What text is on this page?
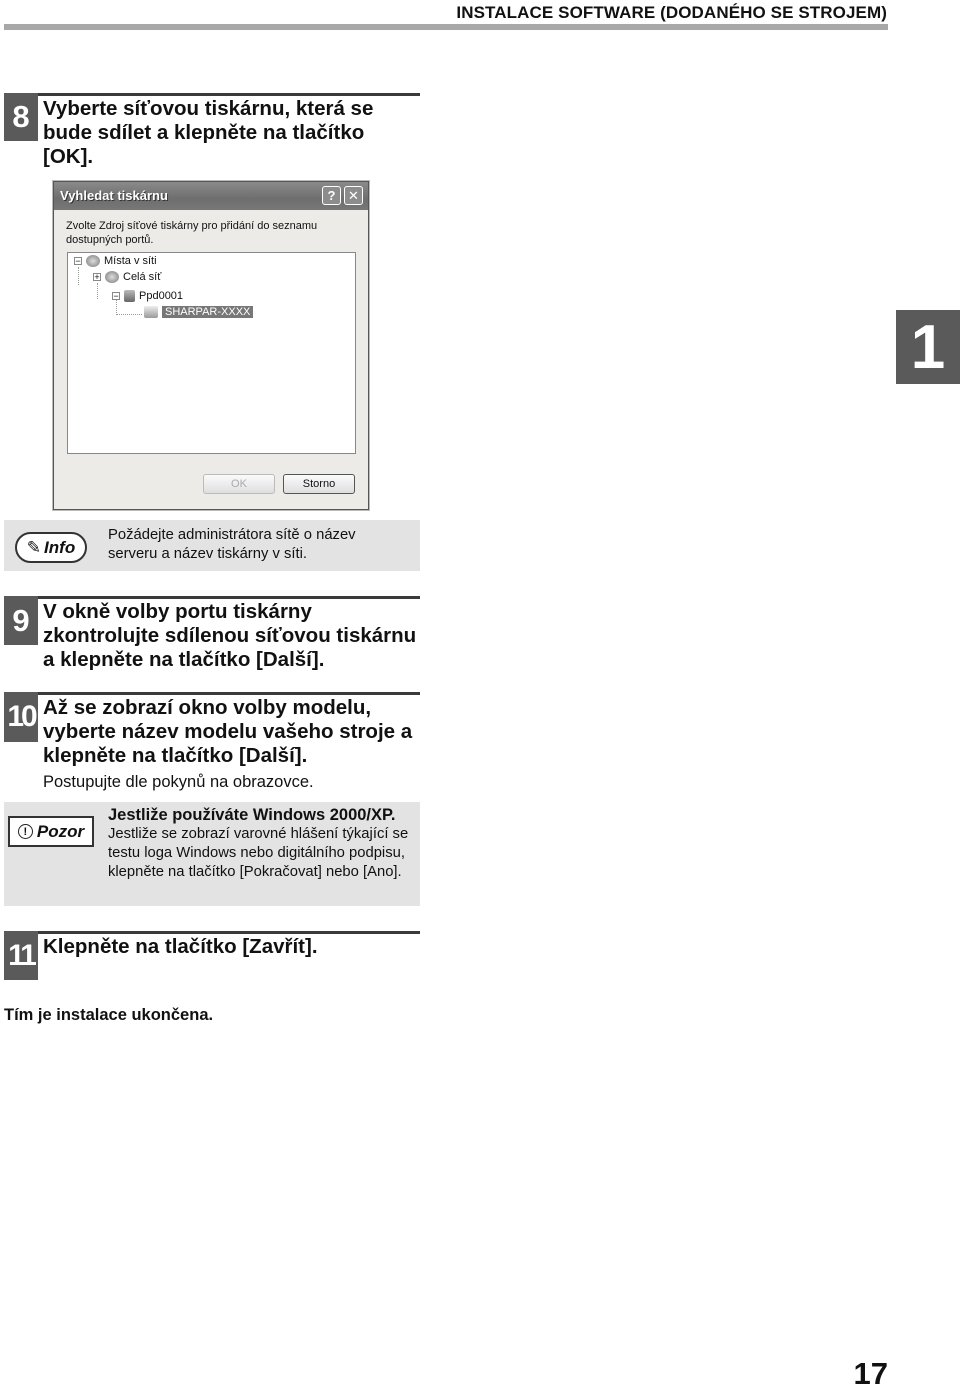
INSTALACE SOFTWARE (DODANÉHO SE STROJEM)
1
8 Vyberte síťovou tiskárnu, která se bude sdílet a klepněte na tlačítko [OK].
Vyhledat tiskárnu	? ✕
Zvolte Zdroj síťové tiskárny pro přidání do seznamu dostupných portů.
− Místa v síti
+ Celá síť
− Ppd0001
SHARPAR-XXXX
OK	Storno
✎ Info
Požádejte administrátora sítě o název serveru a název tiskárny v síti.
9 V okně volby portu tiskárny zkontrolujte sdílenou síťovou tiskárnu a klepněte na tlačítko [Další].
10 Až se zobrazí okno volby modelu, vyberte název modelu vašeho stroje a klepněte na tlačítko [Další].
Postupujte dle pokynů na obrazovce.
! Pozor
Jestliže používáte Windows 2000/XP.
Jestliže se zobrazí varovné hlášení týkající se testu loga Windows nebo digitálního podpisu, klepněte na tlačítko [Pokračovat] nebo [Ano].
11 Klepněte na tlačítko [Zavřít].
Tím je instalace ukončena.
17
